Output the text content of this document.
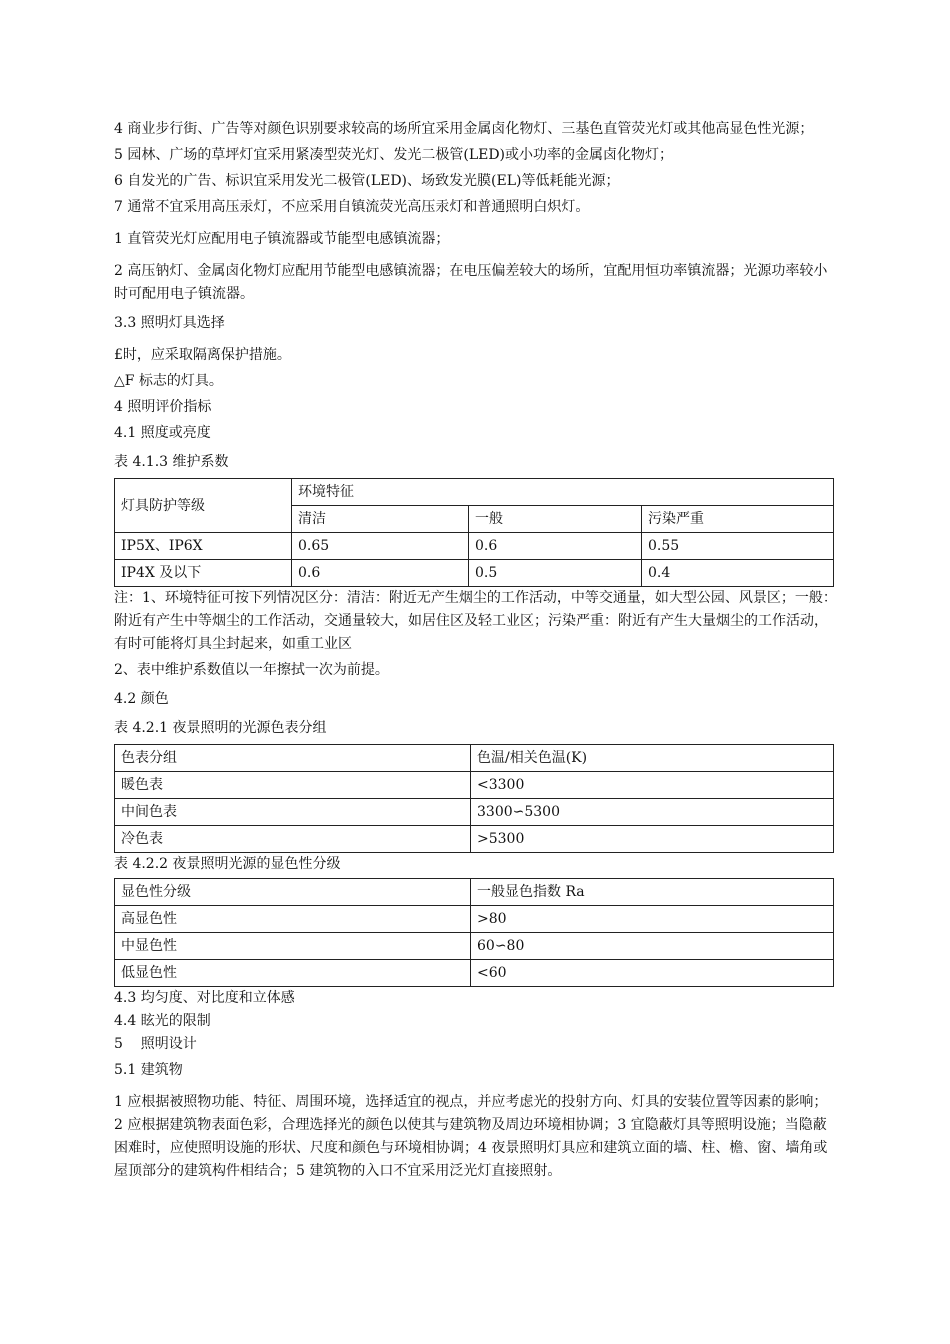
4 商业步行街、广告等对颜色识别要求较高的场所宜采用金属卤化物灯、三基色直管荧光灯或其他高显色性光源；

5 园林、广场的草坪灯宜采用紧凑型荧光灯、发光二极管(LED)或小功率的金属卤化物灯；

6 自发光的广告、标识宜采用发光二极管(LED)、场致发光膜(EL)等低耗能光源；

7 通常不宜采用高压汞灯，不应采用自镇流荧光高压汞灯和普通照明白炽灯。

1 直管荧光灯应配用电子镇流器或节能型电感镇流器；

2 高压钠灯、金属卤化物灯应配用节能型电感镇流器；在电压偏差较大的场所，宜配用恒功率镇流器；光源功率较小时可配用电子镇流器。

3.3 照明灯具选择

£时，应采取隔离保护措施。

△F 标志的灯具。

4 照明评价指标

4.1 照度或亮度

表 4.1.3 维护系数

灯具防护等级	环境特征		
	清洁	一般	污染严重
IP5X、IP6X	0.65	0.6	0.55
IP4X 及以下	0.6	0.5	0.4

注：1、环境特征可按下列情况区分：清洁：附近无产生烟尘的工作活动，中等交通量，如大型公园、风景区；一般：附近有产生中等烟尘的工作活动，交通量较大，如居住区及轻工业区；污染严重：附近有产生大量烟尘的工作活动，有时可能将灯具尘封起来，如重工业区

2、表中维护系数值以一年擦拭一次为前提。

4.2 颜色

表 4.2.1 夜景照明的光源色表分组

色表分组	色温/相关色温(K)
暖色表	<3300
中间色表	3300∽5300
冷色表	>5300

表 4.2.2 夜景照明光源的显色性分级

显色性分级	一般显色指数 Ra
高显色性	>80
中显色性	60∽80
低显色性	<60

4.3 均匀度、对比度和立体感

4.4 眩光的限制

5    照明设计

5.1 建筑物

1 应根据被照物功能、特征、周围环境，选择适宜的视点，并应考虑光的投射方向、灯具的安装位置等因素的影响；

2 应根据建筑物表面色彩，合理选择光的颜色以使其与建筑物及周边环境相协调；3 宜隐蔽灯具等照明设施；当隐蔽困难时，应使照明设施的形状、尺度和颜色与环境相协调；4 夜景照明灯具应和建筑立面的墙、柱、檐、窗、墙角或屋顶部分的建筑构件相结合；5 建筑物的入口不宜采用泛光灯直接照射。
